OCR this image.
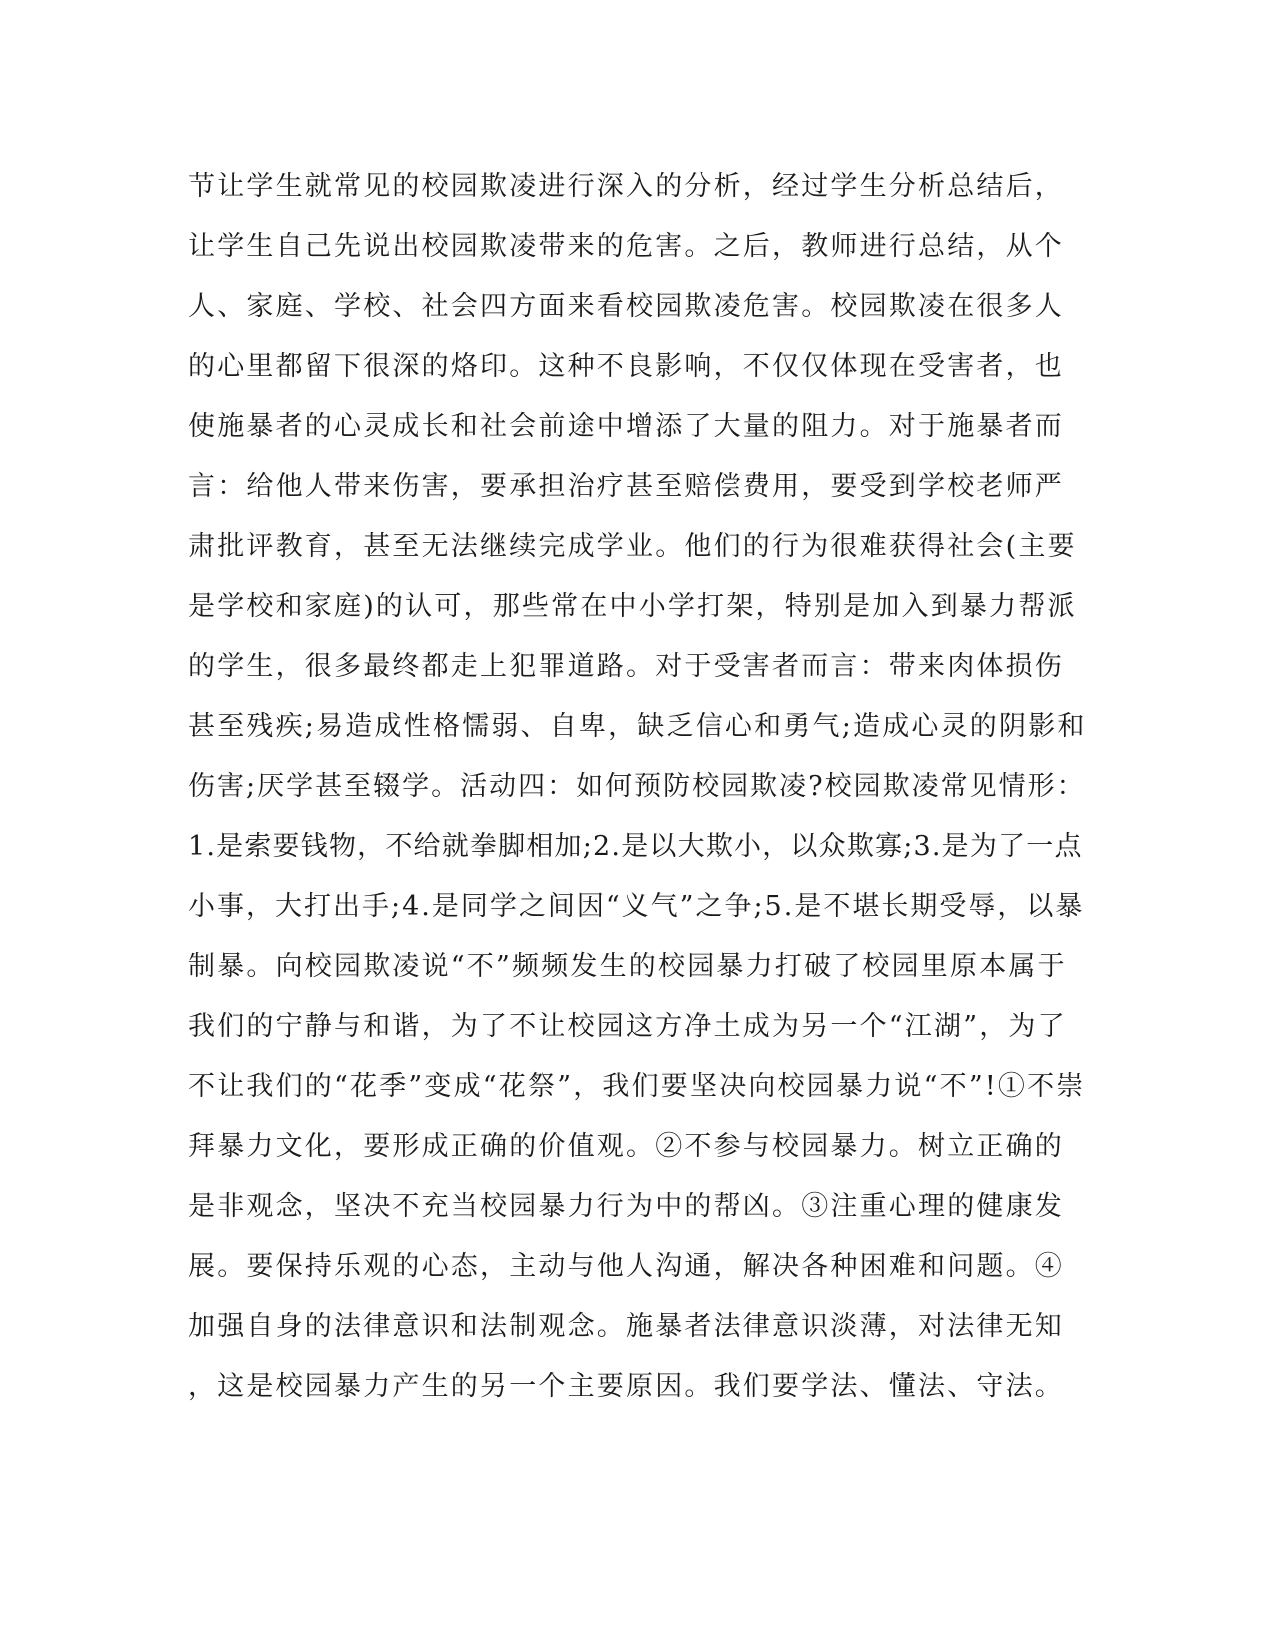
节让学生就常见的校园欺凌进行深入的分析，经过学生分析总结后，
让学生自己先说出校园欺凌带来的危害。之后，教师进行总结，从个
人、家庭、学校、社会四方面来看校园欺凌危害。校园欺凌在很多人
的心里都留下很深的烙印。这种不良影响，不仅仅体现在受害者，也
使施暴者的心灵成长和社会前途中增添了大量的阻力。对于施暴者而
言：给他人带来伤害，要承担治疗甚至赔偿费用，要受到学校老师严
肃批评教育，甚至无法继续完成学业。他们的行为很难获得社会(主要
是学校和家庭)的认可，那些常在中小学打架，特别是加入到暴力帮派
的学生，很多最终都走上犯罪道路。对于受害者而言：带来肉体损伤
甚至残疾;易造成性格懦弱、自卑，缺乏信心和勇气;造成心灵的阴影和
伤害;厌学甚至辍学。活动四：如何预防校园欺凌?校园欺凌常见情形：
1.是索要钱物，不给就拳脚相加;2.是以大欺小，以众欺寡;3.是为了一点
小事，大打出手;4.是同学之间因“义气”之争;5.是不堪长期受辱，以暴
制暴。向校园欺凌说“不”频频发生的校园暴力打破了校园里原本属于
我们的宁静与和谐，为了不让校园这方净土成为另一个“江湖”，为了
不让我们的“花季”变成“花祭”，我们要坚决向校园暴力说“不”!①不崇
拜暴力文化，要形成正确的价值观。②不参与校园暴力。树立正确的
是非观念，坚决不充当校园暴力行为中的帮凶。③注重心理的健康发
展。要保持乐观的心态，主动与他人沟通，解决各种困难和问题。④
加强自身的法律意识和法制观念。施暴者法律意识淡薄，对法律无知
，这是校园暴力产生的另一个主要原因。我们要学法、懂法、守法。
